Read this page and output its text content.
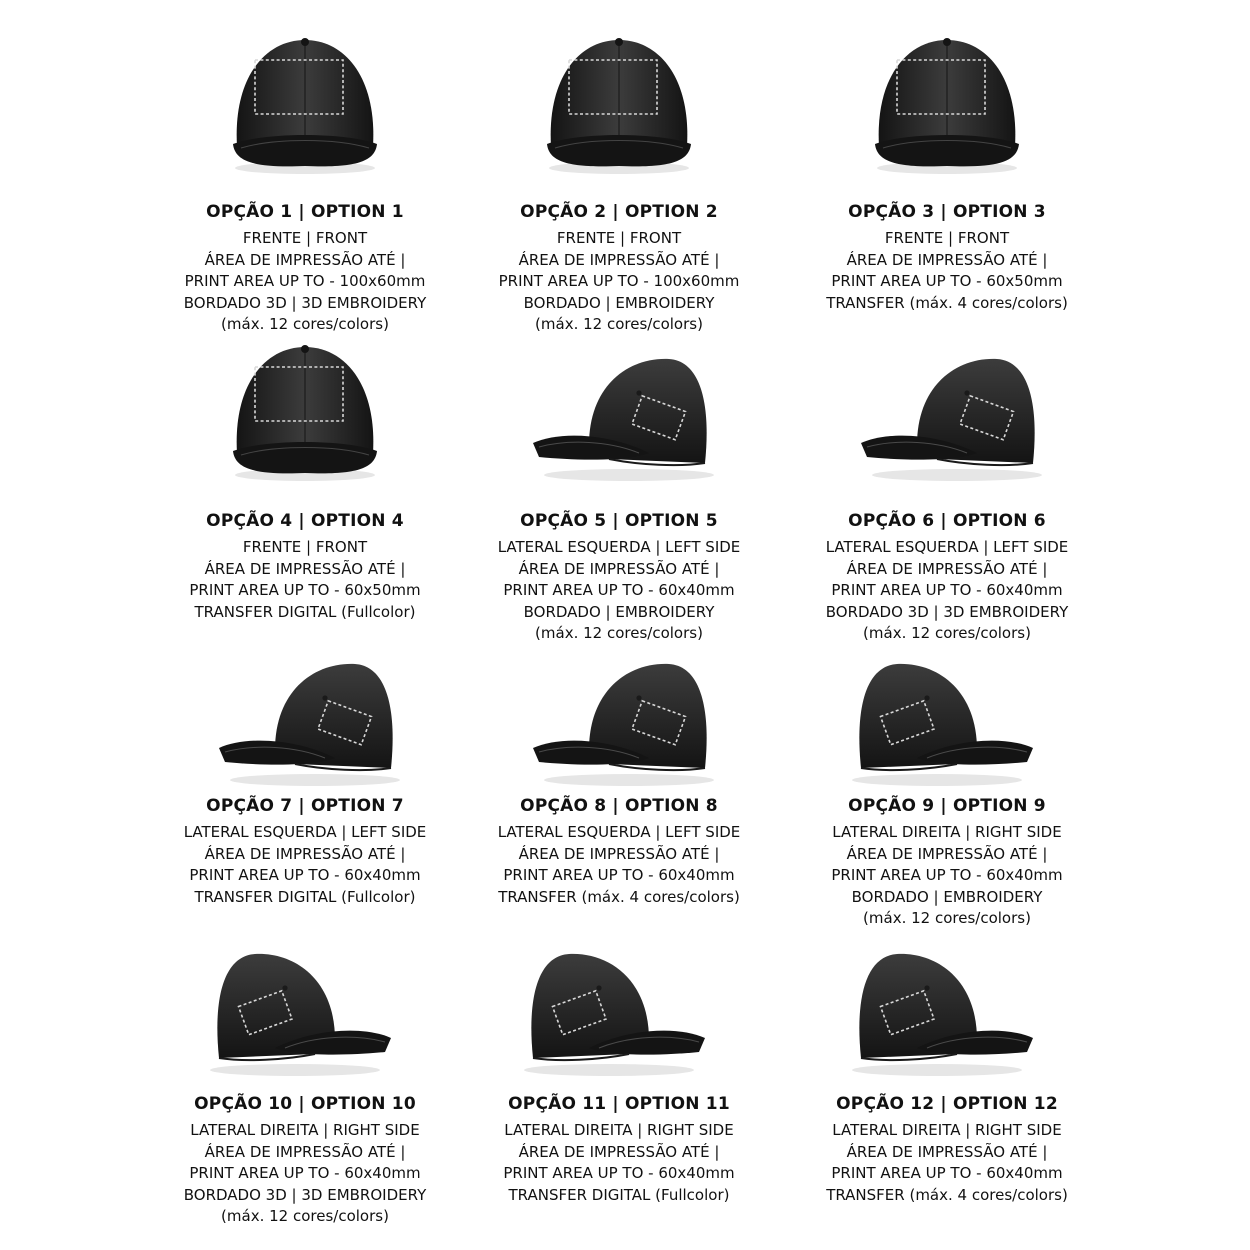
OPÇÃO 1 | OPTION 1
FRENTE | FRONT
ÁREA DE IMPRESSÃO ATÉ |
PRINT AREA UP TO - 100x60mm
BORDADO 3D | 3D EMBROIDERY
(máx. 12 cores/colors)
OPÇÃO 2 | OPTION 2
FRENTE | FRONT
ÁREA DE IMPRESSÃO ATÉ |
PRINT AREA UP TO - 100x60mm
BORDADO | EMBROIDERY
(máx. 12 cores/colors)
OPÇÃO 3 | OPTION 3
FRENTE | FRONT
ÁREA DE IMPRESSÃO ATÉ |
PRINT AREA UP TO - 60x50mm
TRANSFER (máx. 4 cores/colors)
OPÇÃO 4 | OPTION 4
FRENTE | FRONT
ÁREA DE IMPRESSÃO ATÉ |
PRINT AREA UP TO - 60x50mm
TRANSFER DIGITAL (Fullcolor)
OPÇÃO 5 | OPTION 5
LATERAL ESQUERDA | LEFT SIDE
ÁREA DE IMPRESSÃO ATÉ |
PRINT AREA UP TO - 60x40mm
BORDADO | EMBROIDERY
(máx. 12 cores/colors)
OPÇÃO 6 | OPTION 6
LATERAL ESQUERDA | LEFT SIDE
ÁREA DE IMPRESSÃO ATÉ |
PRINT AREA UP TO - 60x40mm
BORDADO 3D | 3D EMBROIDERY
(máx. 12 cores/colors)
OPÇÃO 7 | OPTION 7
LATERAL ESQUERDA | LEFT SIDE
ÁREA DE IMPRESSÃO ATÉ |
PRINT AREA UP TO - 60x40mm
TRANSFER DIGITAL (Fullcolor)
OPÇÃO 8 | OPTION 8
LATERAL ESQUERDA | LEFT SIDE
ÁREA DE IMPRESSÃO ATÉ |
PRINT AREA UP TO - 60x40mm
TRANSFER (máx. 4 cores/colors)
OPÇÃO 9 | OPTION 9
LATERAL DIREITA | RIGHT SIDE
ÁREA DE IMPRESSÃO ATÉ |
PRINT AREA UP TO - 60x40mm
BORDADO | EMBROIDERY
(máx. 12 cores/colors)
OPÇÃO 10 | OPTION 10
LATERAL DIREITA | RIGHT SIDE
ÁREA DE IMPRESSÃO ATÉ |
PRINT AREA UP TO - 60x40mm
BORDADO 3D | 3D EMBROIDERY
(máx. 12 cores/colors)
OPÇÃO 11 | OPTION 11
LATERAL DIREITA | RIGHT SIDE
ÁREA DE IMPRESSÃO ATÉ |
PRINT AREA UP TO - 60x40mm
TRANSFER DIGITAL (Fullcolor)
OPÇÃO 12 | OPTION 12
LATERAL DIREITA | RIGHT SIDE
ÁREA DE IMPRESSÃO ATÉ |
PRINT AREA UP TO - 60x40mm
TRANSFER (máx. 4 cores/colors)
